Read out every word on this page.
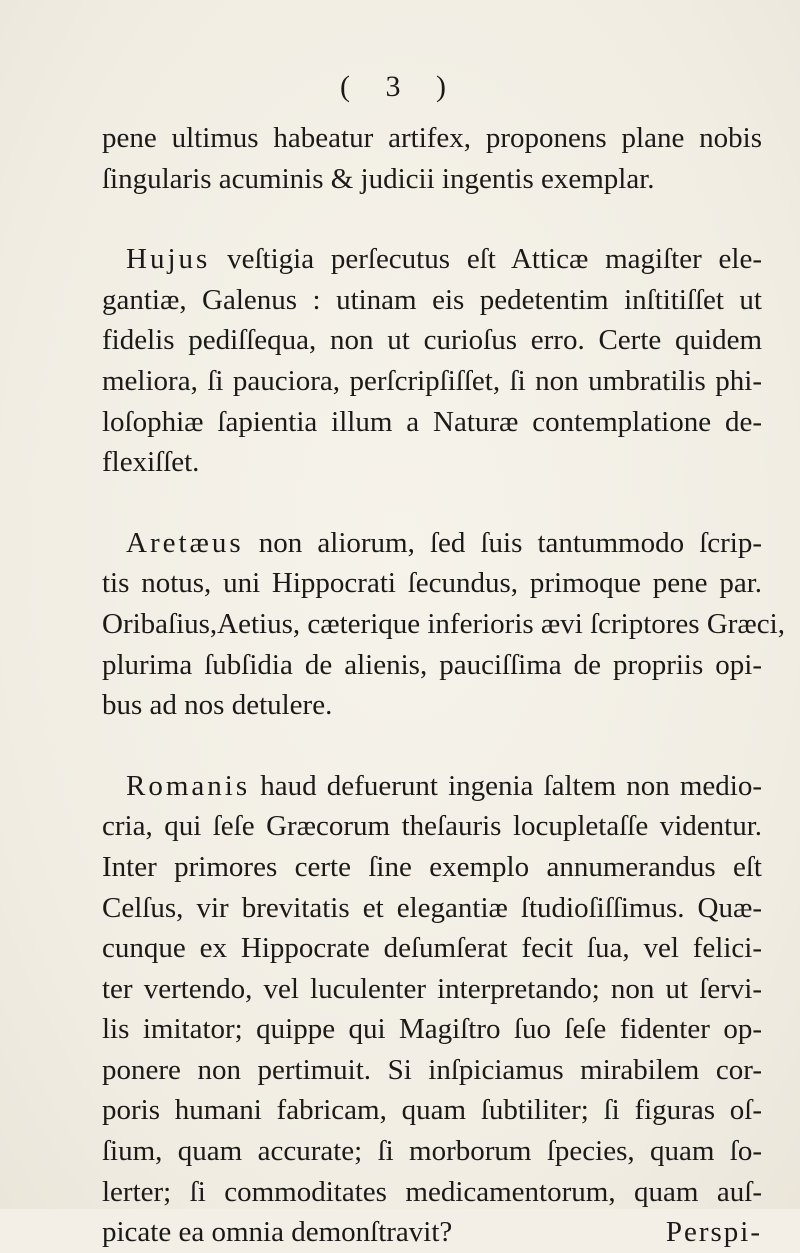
( 3 )
pene ultimus habeatur artifex, proponens plane nobis
ſingularis acuminis & judicii ingentis exemplar.
Hujus veſtigia perſecutus eſt Atticæ magiſter ele-
gantiæ, Galenus : utinam eis pedetentim inſtitiſſet ut
fidelis pediſſequa, non ut curioſus erro. Certe quidem
meliora, ſi pauciora, perſcripſiſſet, ſi non umbratilis phi-
loſophiæ ſapientia illum a Naturæ contemplatione de-
flexiſſet.
Aretæus non aliorum, ſed ſuis tantummodo ſcrip-
tis notus, uni Hippocrati ſecundus, primoque pene par.
Oribaſius,Aetius, cæterique inferioris ævi ſcriptores Græci,
plurima ſubſidia de alienis, pauciſſima de propriis opi-
bus ad nos detulere.
Romanis haud defuerunt ingenia ſaltem non medio-
cria, qui ſeſe Græcorum theſauris locupletaſſe videntur.
Inter primores certe ſine exemplo annumerandus eſt
Celſus, vir brevitatis et elegantiæ ſtudioſiſſimus. Quæ-
cunque ex Hippocrate deſumſerat fecit ſua, vel felici-
ter vertendo, vel luculenter interpretando; non ut ſervi-
lis imitator; quippe qui Magiſtro ſuo ſeſe fidenter op-
ponere non pertimuit. Si inſpiciamus mirabilem cor-
poris humani fabricam, quam ſubtiliter; ſi figuras oſ-
ſium, quam accurate; ſi morborum ſpecies, quam ſo-
lerter; ſi commoditates medicamentorum, quam auſ-
picate ea omnia demonſtravit?	Perspi-
